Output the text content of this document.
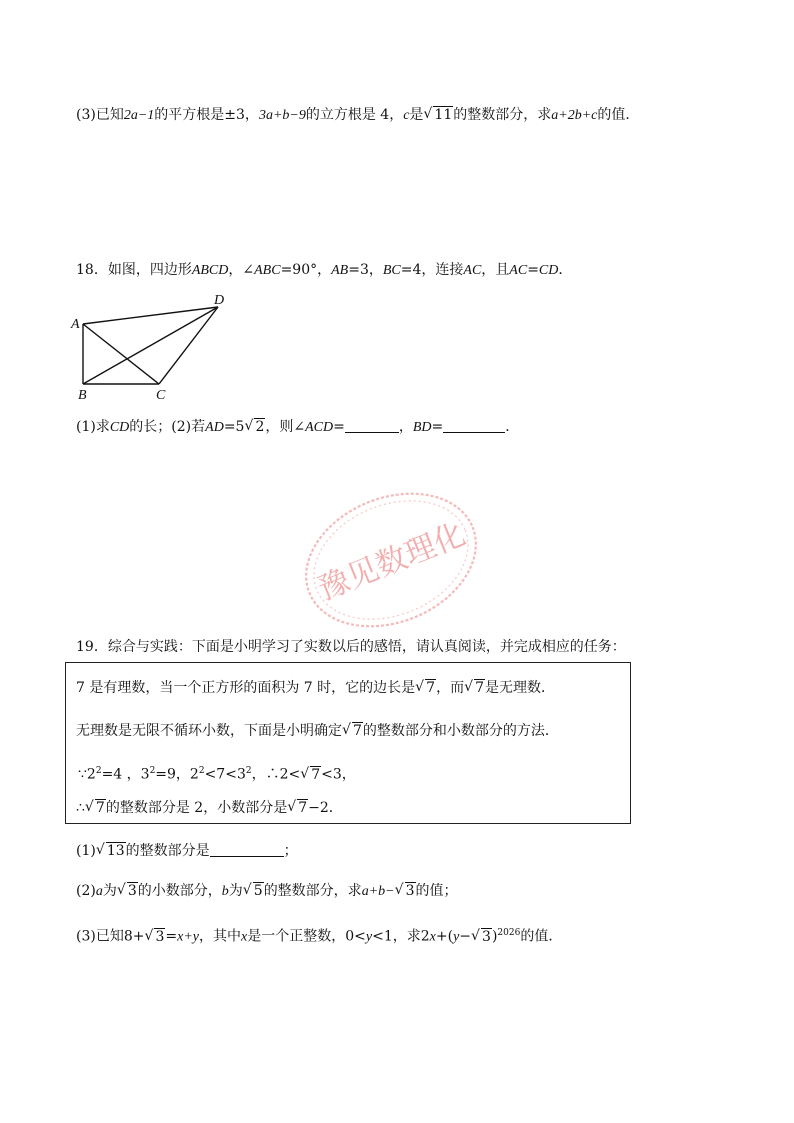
(3)已知2a−1的平方根是±3，3a+b−9的立方根是 4，c是 √ 11的整数部分，求a+2b+c的值．
18．如图，四边形ABCD，∠ABC=90°，AB=3，BC=4，连接AC，且AC=CD．
A
B	C
D
(1)求CD的长；(2)若AD=5 √ 2，则∠ACD=	，BD=	．
豫见数理化
19．综合与实践：下面是小明学习了实数以后的感悟，请认真阅读，并完成相应的任务：
7 是有理数，当一个正方形的面积为 7 时，它的边长是 √ 7，而 √ 7是无理数．
无理数是无限不循环小数，下面是小明确定 √ 7的整数部分和小数部分的方法．
$\because 2^2=4$ ，$3^2=9$，$2^2<7<3^2$，∴2< √ 7<3，
∴ √ 7的整数部分是 2，小数部分是 √ 7−2．
(1) √ 13的整数部分是	；
(2)a为 √ 3的小数部分，b为 √ 5的整数部分，求a+b− √ 3的值；
(3)已知8+ √ 3=x+y，其中x是一个正整数，0<y<1，求2x+(y− √ 3)$^{2026}$的值．
